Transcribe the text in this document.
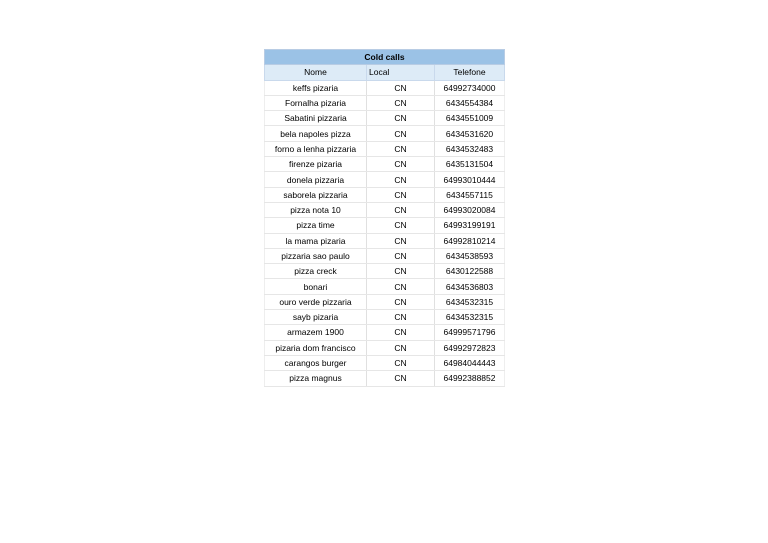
Cold calls		
Nome	Local	Telefone
keffs pizaria	CN	64992734000
Fornalha pizaria	CN	6434554384
Sabatini pizzaria	CN	6434551009
bela napoles pizza	CN	6434531620
forno a lenha pizzaria	CN	6434532483
firenze pizaria	CN	6435131504
donela pizzaria	CN	64993010444
saborela pizzaria	CN	6434557115
pizza nota 10	CN	64993020084
pizza time	CN	64993199191
la mama pizaria	CN	64992810214
pizzaria sao paulo	CN	6434538593
pizza creck	CN	6430122588
bonari	CN	6434536803
ouro verde pizzaria	CN	6434532315
sayb pizaria	CN	6434532315
armazem 1900	CN	64999571796
pizaria dom francisco	CN	64992972823
carangos burger	CN	64984044443
pizza magnus	CN	64992388852
